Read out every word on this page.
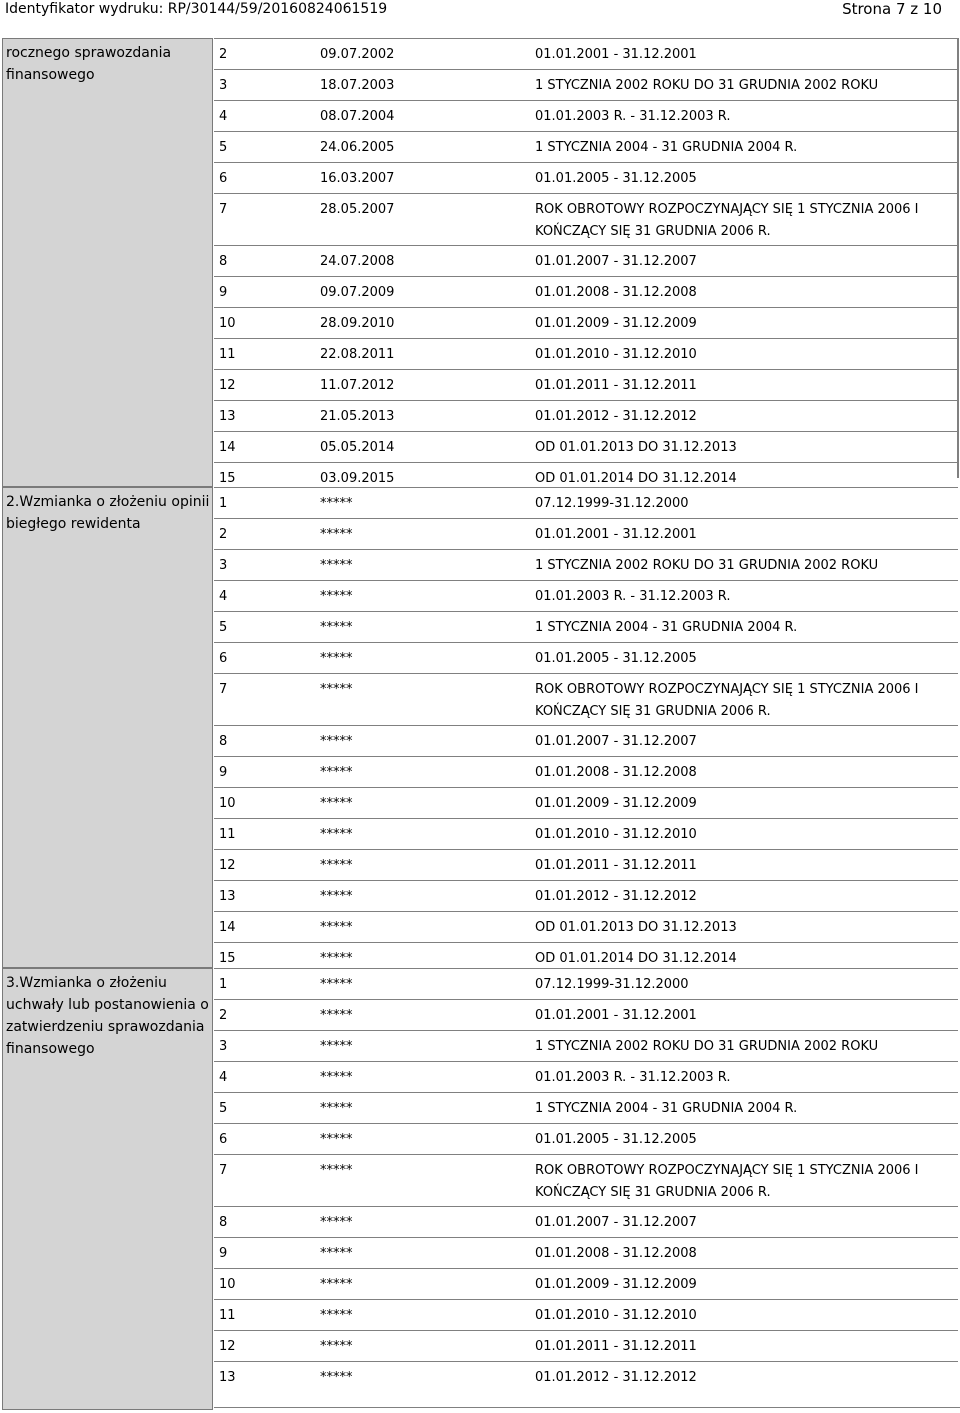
Identyfikator wydruku: RP/30144/59/20160824061519	Strona 7 z 10
rocznego sprawozdania finansowego
2.Wzmianka o złożeniu opinii biegłego rewidenta
3.Wzmianka o złożeniu uchwały lub postanowienia o zatwierdzeniu sprawozdania finansowego
2	09.07.2002	01.01.2001 - 31.12.2001
3	18.07.2003	1 STYCZNIA 2002 ROKU DO 31 GRUDNIA 2002 ROKU
4	08.07.2004	01.01.2003 R. - 31.12.2003 R.
5	24.06.2005	1 STYCZNIA 2004 - 31 GRUDNIA 2004 R.
6	16.03.2007	01.01.2005 - 31.12.2005
7	28.05.2007	ROK OBROTOWY ROZPOCZYNAJĄCY SIĘ 1 STYCZNIA 2006 I KOŃCZĄCY SIĘ 31 GRUDNIA 2006 R.
8	24.07.2008	01.01.2007 - 31.12.2007
9	09.07.2009	01.01.2008 - 31.12.2008
10	28.09.2010	01.01.2009 - 31.12.2009
11	22.08.2011	01.01.2010 - 31.12.2010
12	11.07.2012	01.01.2011 - 31.12.2011
13	21.05.2013	01.01.2012 - 31.12.2012
14	05.05.2014	OD 01.01.2013 DO 31.12.2013
15	03.09.2015	OD 01.01.2014 DO 31.12.2014
1	*****	07.12.1999-31.12.2000
2	*****	01.01.2001 - 31.12.2001
3	*****	1 STYCZNIA 2002 ROKU DO 31 GRUDNIA 2002 ROKU
4	*****	01.01.2003 R. - 31.12.2003 R.
5	*****	1 STYCZNIA 2004 - 31 GRUDNIA 2004 R.
6	*****	01.01.2005 - 31.12.2005
7	*****	ROK OBROTOWY ROZPOCZYNAJĄCY SIĘ 1 STYCZNIA 2006 I KOŃCZĄCY SIĘ 31 GRUDNIA 2006 R.
8	*****	01.01.2007 - 31.12.2007
9	*****	01.01.2008 - 31.12.2008
10	*****	01.01.2009 - 31.12.2009
11	*****	01.01.2010 - 31.12.2010
12	*****	01.01.2011 - 31.12.2011
13	*****	01.01.2012 - 31.12.2012
14	*****	OD 01.01.2013 DO 31.12.2013
15	*****	OD 01.01.2014 DO 31.12.2014
1	*****	07.12.1999-31.12.2000
2	*****	01.01.2001 - 31.12.2001
3	*****	1 STYCZNIA 2002 ROKU DO 31 GRUDNIA 2002 ROKU
4	*****	01.01.2003 R. - 31.12.2003 R.
5	*****	1 STYCZNIA 2004 - 31 GRUDNIA 2004 R.
6	*****	01.01.2005 - 31.12.2005
7	*****	ROK OBROTOWY ROZPOCZYNAJĄCY SIĘ 1 STYCZNIA 2006 I KOŃCZĄCY SIĘ 31 GRUDNIA 2006 R.
8	*****	01.01.2007 - 31.12.2007
9	*****	01.01.2008 - 31.12.2008
10	*****	01.01.2009 - 31.12.2009
11	*****	01.01.2010 - 31.12.2010
12	*****	01.01.2011 - 31.12.2011
13	*****	01.01.2012 - 31.12.2012
